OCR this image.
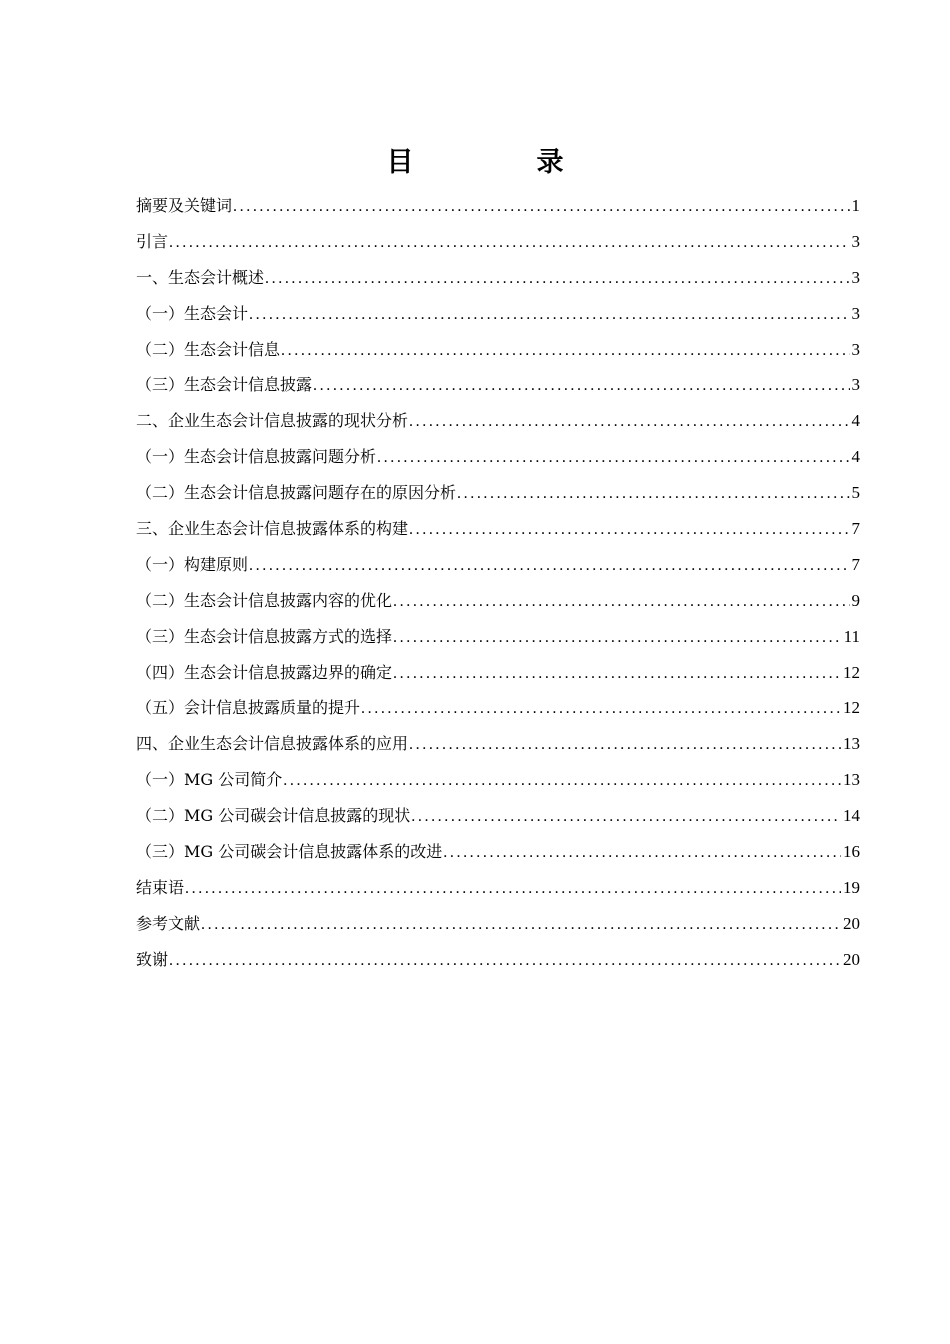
目　录
摘要及关键词 .....	1
引言 .....	3
一、生态会计概述 .....	3
（一）生态会计 .....	3
（二）生态会计信息 .....	3
（三）生态会计信息披露 .....	3
二、企业生态会计信息披露的现状分析 .....	4
（一）生态会计信息披露问题分析 .....	4
（二）生态会计信息披露问题存在的原因分析 .....	5
三、企业生态会计信息披露体系的构建 .....	7
（一）构建原则 .....	7
（二）生态会计信息披露内容的优化 .....	9
（三）生态会计信息披露方式的选择 .....	11
（四）生态会计信息披露边界的确定 .....	12
（五）会计信息披露质量的提升 .....	12
四、企业生态会计信息披露体系的应用 .....	13
（一）MG 公司简介 .....	13
（二）MG 公司碳会计信息披露的现状 .....	14
（三）MG 公司碳会计信息披露体系的改进 .....	16
结束语 .....	19
参考文献 .....	20
致谢 .....	20
